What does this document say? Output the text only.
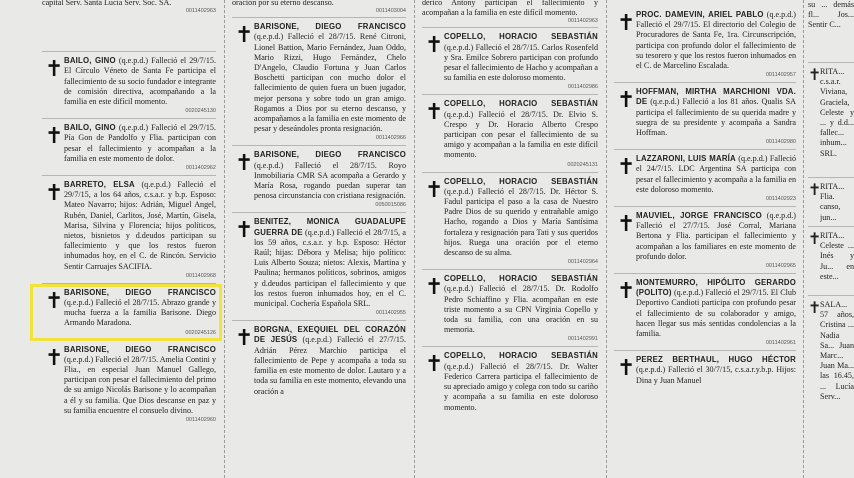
capital Serv. Santa Lucía Serv. Soc. SA.
0011402963
✝ BAILO, GINO (q.e.p.d.) Falleció el 29/7/15. El Círculo Véneto de Santa Fe participa el fallecimiento de su socio fundador e integrante de comisión directiva, acompañando a la familia en este difícil momento.
0020245130
✝ BAILO, GINO (q.e.p.d.) Falleció el 29/7/15. Pía Gon de Pandolfo y Flia. participan con pesar el fallecimiento y acompañan a la familia en este momento de dolor.
0011402962
✝ BARRETO, ELSA (q.e.p.d.) Falleció el 29/7/15, a los 64 años, c.s.a.r. y b.p. Esposo: Mateo Navarro; hijos: Adrián, Miguel Angel, Rubén, Daniel, Carlitos, José, Martín, Gisela, Marisa, Silvina y Florencia; hijos políticos, nietos, bisnietos y d.deudos participan su fallecimiento y que los restos fueron inhumados hoy, en el C. de Rincón. Servicio Sentir Carruajes SACIFIA.
0011402968
✝ BARISONE, DIEGO FRANCISCO (q.e.p.d.) Falleció el 28/7/15. Abrazo grande y mucha fuerza a la familia Barisone. Diego Armando Maradona.
0020245126
✝ BARISONE, DIEGO FRANCISCO (q.e.p.d.) Falleció el 28/7/15. Amelia Contini y Flia., en especial Juan Manuel Gallego, participan con pesar el fallecimiento del primo de su amigo Nicolás Barisone y lo acompañan a él y su familia. Que Dios descanse en paz y su familia encuentre el consuelo divino.
0011402960
oración por su eterno descanso.
0011403004
✝ BARISONE, DIEGO FRANCISCO (q.e.p.d.) Falleció el 28/7/15. René Citroni, Lionel Battion, Mario Fernández, Juan Oddo, Mario Rizzi, Hugo Fernández, Chelo D'Angelo, Claudio Fortuna y Juan Carlos Boschetti participan con mucho dolor el fallecimiento de quien fuera un buen jugador, mejor persona y sobre todo un gran amigo. Rogamos a Dios por su eterno descanso, y acompañamos a la familia en este momento de pesar y deseándoles pronta resignación.
0011402966
✝ BARISONE, DIEGO FRANCISCO (q.e.p.d.) Falleció el 28/7/15. Royo Inmobiliaria CMR SA acompaña a Gerardo y María Rosa, rogando puedan superar tan penosa circunstancia con cristiana resignación.
0050015086
✝ BENITEZ, MONICA GUADALUPE GUERRA DE (q.e.p.d.) Falleció el 28/7/15, a los 59 años, c.s.a.r. y b.p. Esposo: Héctor Raúl; hijas: Débora y Melisa; hijo político: Luis Alberto Souza; nietos: Alexis, Martina y Paulina; hermanos políticos, sobrinos, amigos y d.deudos participan el fallecimiento y que los restos fueron inhumados hoy, en el C. municipal. Cochería Española SRL.
0011402955
✝ BORGNA, EXEQUIEL DEL CORAZÓN DE JESÚS (q.e.p.d.) Falleció el 27/7/15. Adrián Pérez Marchio participa el fallecimiento de Pepe y acompaña a toda su familia en este momento de dolor. Lautaro y a toda su familia en este momento, elevando una oración a
derico Antony participan el fallecimiento y acompañan a la familia en este difícil momento.
0011402963
✝ COPELLO, HORACIO SEBASTIÁN (q.e.p.d.) Falleció el 28/7/15. Carlos Rosenfeld y Sra. Emilce Sobrero participan con profundo pesar el fallecimiento de Hacho y acompañan a su familia en este doloroso momento.
0011402986
✝ COPELLO, HORACIO SEBASTIÁN (q.e.p.d.) Falleció el 28/7/15. Dr. Elvio S. Crespo y Dr. Horacio Alberto Crespo participan con pesar el fallecimiento de su amigo y acompañan a la familia en este difícil momento.
0020245131
✝ COPELLO, HORACIO SEBASTIÁN (q.e.p.d.) Falleció el 28/7/15. Dr. Héctor S. Fadul participa el paso a la casa de Nuestro Padre Dios de su querido y entrañable amigo Hacho, rogando a Dios y María Santísima fortaleza y resignación para Tati y sus queridos hijos. Ruega una oración por el eterno descanso de su alma.
0011402964
✝ COPELLO, HORACIO SEBASTIÁN (q.e.p.d.) Falleció el 28/7/15. Dr. Rodolfo Pedro Schiaffino y Flia. acompañan en este triste momento a su CPN Virginia Copello y toda su familia, con una oración en su memoria.
0011402991
✝ COPELLO, HORACIO SEBASTIÁN (q.e.p.d.) Falleció el 28/7/15. Dr. Walter Federico Carrera participa el fallecimiento de su apreciado amigo y colega con todo su cariño y acompaña a su familia en este doloroso momento.
✝ PROC. DAMEVIN, ARIEL PABLO (q.e.p.d.) Falleció el 29/7/15. El directorio del Colegio de Procuradores de Santa Fe, 1ra. Circunscripción, participa con profundo dolor el fallecimiento de su tesorero y que los restos fueron inhumados en el C. de Marcelino Escalada.
0011402957
✝ HOFFMAN, MIRTHA MARCHIONI VDA. DE (q.e.p.d.) Falleció a los 81 años. Qualis SA participa el fallecimiento de su querida madre y suegra de su presidente y acompaña a Sandra Hoffman.
0011402980
✝ LAZZARONI, LUIS MARÍA (q.e.p.d.) Falleció el 24/7/15. LDC Argentina SA participa con pesar el fallecimiento y acompaña a la familia en este doloroso momento.
0011402923
✝ MAUVIEL, JORGE FRANCISCO (q.e.p.d.) Falleció el 27/7/15. José Corral, Mariana Bertona y Flia. participan el fallecimiento y acompañan a los familiares en este momento de profundo dolor.
0011402965
✝ MONTEMURRO, HIPÓLITO GERARDO (POLITO) (q.e.p.d.) Falleció el 29/7/15. El Club Deportivo Candioti participa con profundo pesar el fallecimiento de su colaborador y amigo, hacen llegar sus más sentidas condolencias a la familia.
0011402961
✝ PEREZ BERTHAUL, HUGO HÉCTOR (q.e.p.d.) Falleció el 30/7/15, c.s.a.r.y.b.p. Hijos: Dina y Juan Manuel
su ... demás fl... Jos... Sentir C...
✝
RITA... c.s.a.r. Viviana, Graciela, Celeste y ... y d.d... fallec... inhum... SRL.
✝
RITA... Flia. canso, jun...
✝
RITA... Celeste ... Inés y Ju... en este...
✝
SALA... 57 años, Cristina ... Nadia Sa... Juan Marc... Juan Ma... las 16.45, ... Lucía Serv...
